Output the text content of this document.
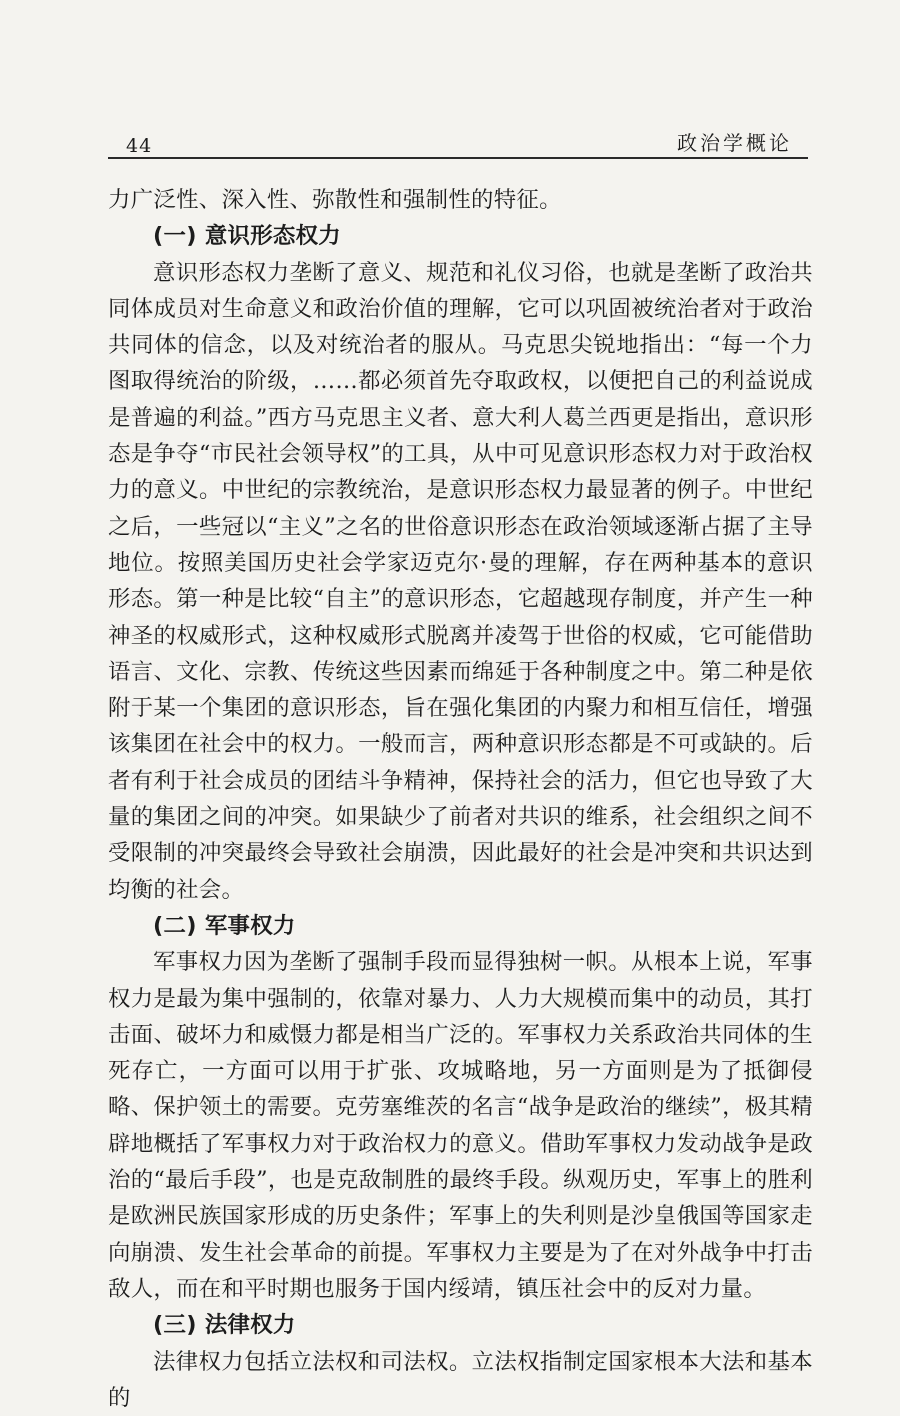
44	政治学概论

力广泛性、深入性、弥散性和强制性的特征。

(一) 意识形态权力

意识形态权力垄断了意义、规范和礼仪习俗，也就是垄断了政治共同体成员对生命意义和政治价值的理解，它可以巩固被统治者对于政治共同体的信念，以及对统治者的服从。马克思尖锐地指出：“每一个力图取得统治的阶级，……都必须首先夺取政权，以便把自己的利益说成是普遍的利益。”西方马克思主义者、意大利人葛兰西更是指出，意识形态是争夺“市民社会领导权”的工具，从中可见意识形态权力对于政治权力的意义。中世纪的宗教统治，是意识形态权力最显著的例子。中世纪之后，一些冠以“主义”之名的世俗意识形态在政治领域逐渐占据了主导地位。按照美国历史社会学家迈克尔·曼的理解，存在两种基本的意识形态。第一种是比较“自主”的意识形态，它超越现存制度，并产生一种神圣的权威形式，这种权威形式脱离并凌驾于世俗的权威，它可能借助语言、文化、宗教、传统这些因素而绵延于各种制度之中。第二种是依附于某一个集团的意识形态，旨在强化集团的内聚力和相互信任，增强该集团在社会中的权力。一般而言，两种意识形态都是不可或缺的。后者有利于社会成员的团结斗争精神，保持社会的活力，但它也导致了大量的集团之间的冲突。如果缺少了前者对共识的维系，社会组织之间不受限制的冲突最终会导致社会崩溃，因此最好的社会是冲突和共识达到均衡的社会。

(二) 军事权力

军事权力因为垄断了强制手段而显得独树一帜。从根本上说，军事权力是最为集中强制的，依靠对暴力、人力大规模而集中的动员，其打击面、破坏力和威慑力都是相当广泛的。军事权力关系政治共同体的生死存亡，一方面可以用于扩张、攻城略地，另一方面则是为了抵御侵略、保护领土的需要。克劳塞维茨的名言“战争是政治的继续”，极其精辟地概括了军事权力对于政治权力的意义。借助军事权力发动战争是政治的“最后手段”，也是克敌制胜的最终手段。纵观历史，军事上的胜利是欧洲民族国家形成的历史条件；军事上的失利则是沙皇俄国等国家走向崩溃、发生社会革命的前提。军事权力主要是为了在对外战争中打击敌人，而在和平时期也服务于国内绥靖，镇压社会中的反对力量。

(三) 法律权力

法律权力包括立法权和司法权。立法权指制定国家根本大法和基本的
